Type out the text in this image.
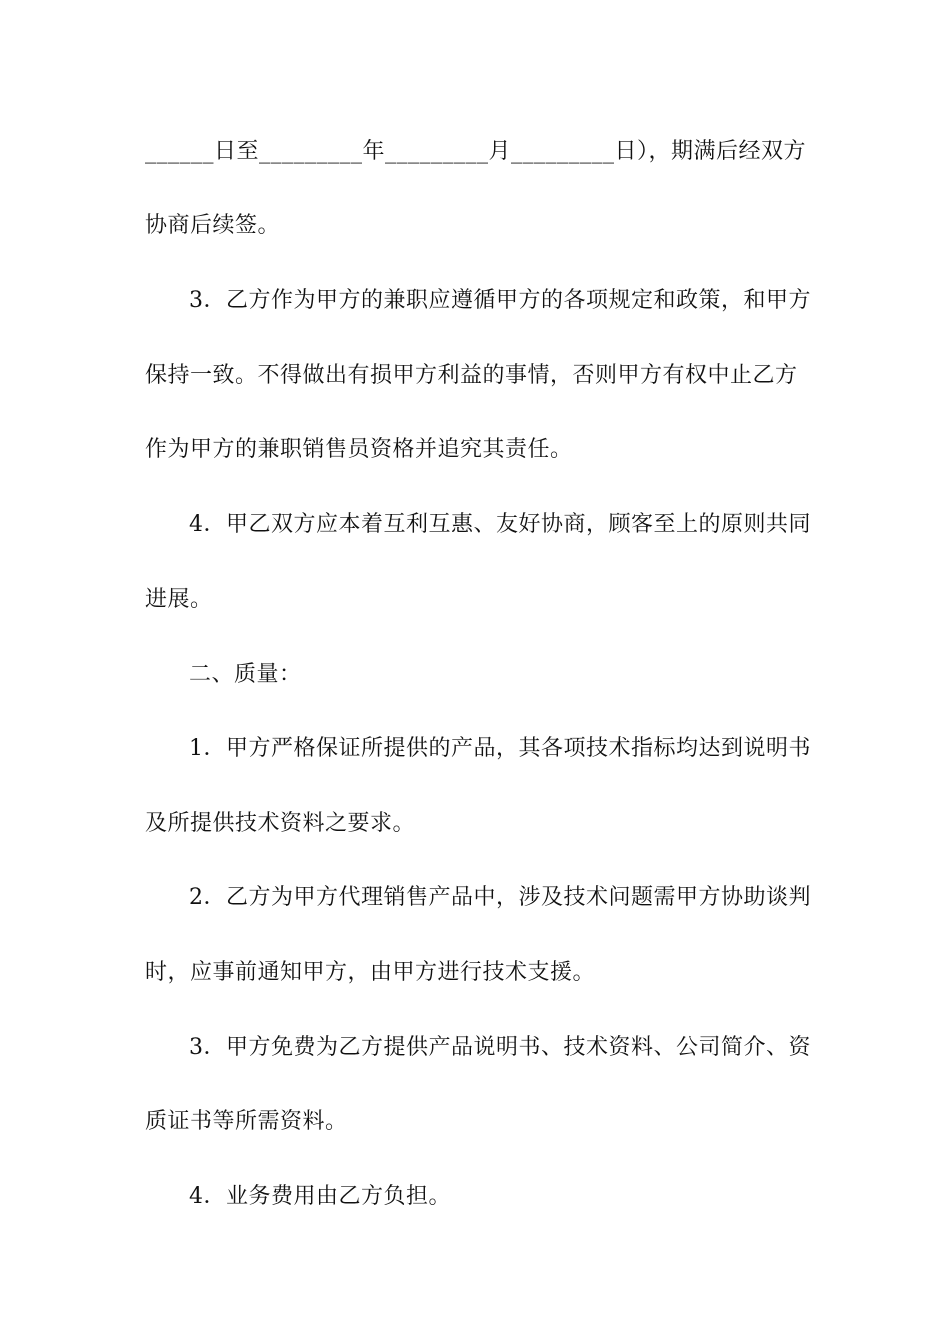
______日至_________年_________月_________日），期满后经双方
协商后续签。
3．乙方作为甲方的兼职应遵循甲方的各项规定和政策，和甲方
保持一致。不得做出有损甲方利益的事情，否则甲方有权中止乙方
作为甲方的兼职销售员资格并追究其责任。
4．甲乙双方应本着互利互惠、友好协商，顾客至上的原则共同
进展。
二、质量：
1．甲方严格保证所提供的产品，其各项技术指标均达到说明书
及所提供技术资料之要求。
2．乙方为甲方代理销售产品中，涉及技术问题需甲方协助谈判
时，应事前通知甲方，由甲方进行技术支援。
3．甲方免费为乙方提供产品说明书、技术资料、公司简介、资
质证书等所需资料。
4．业务费用由乙方负担。
